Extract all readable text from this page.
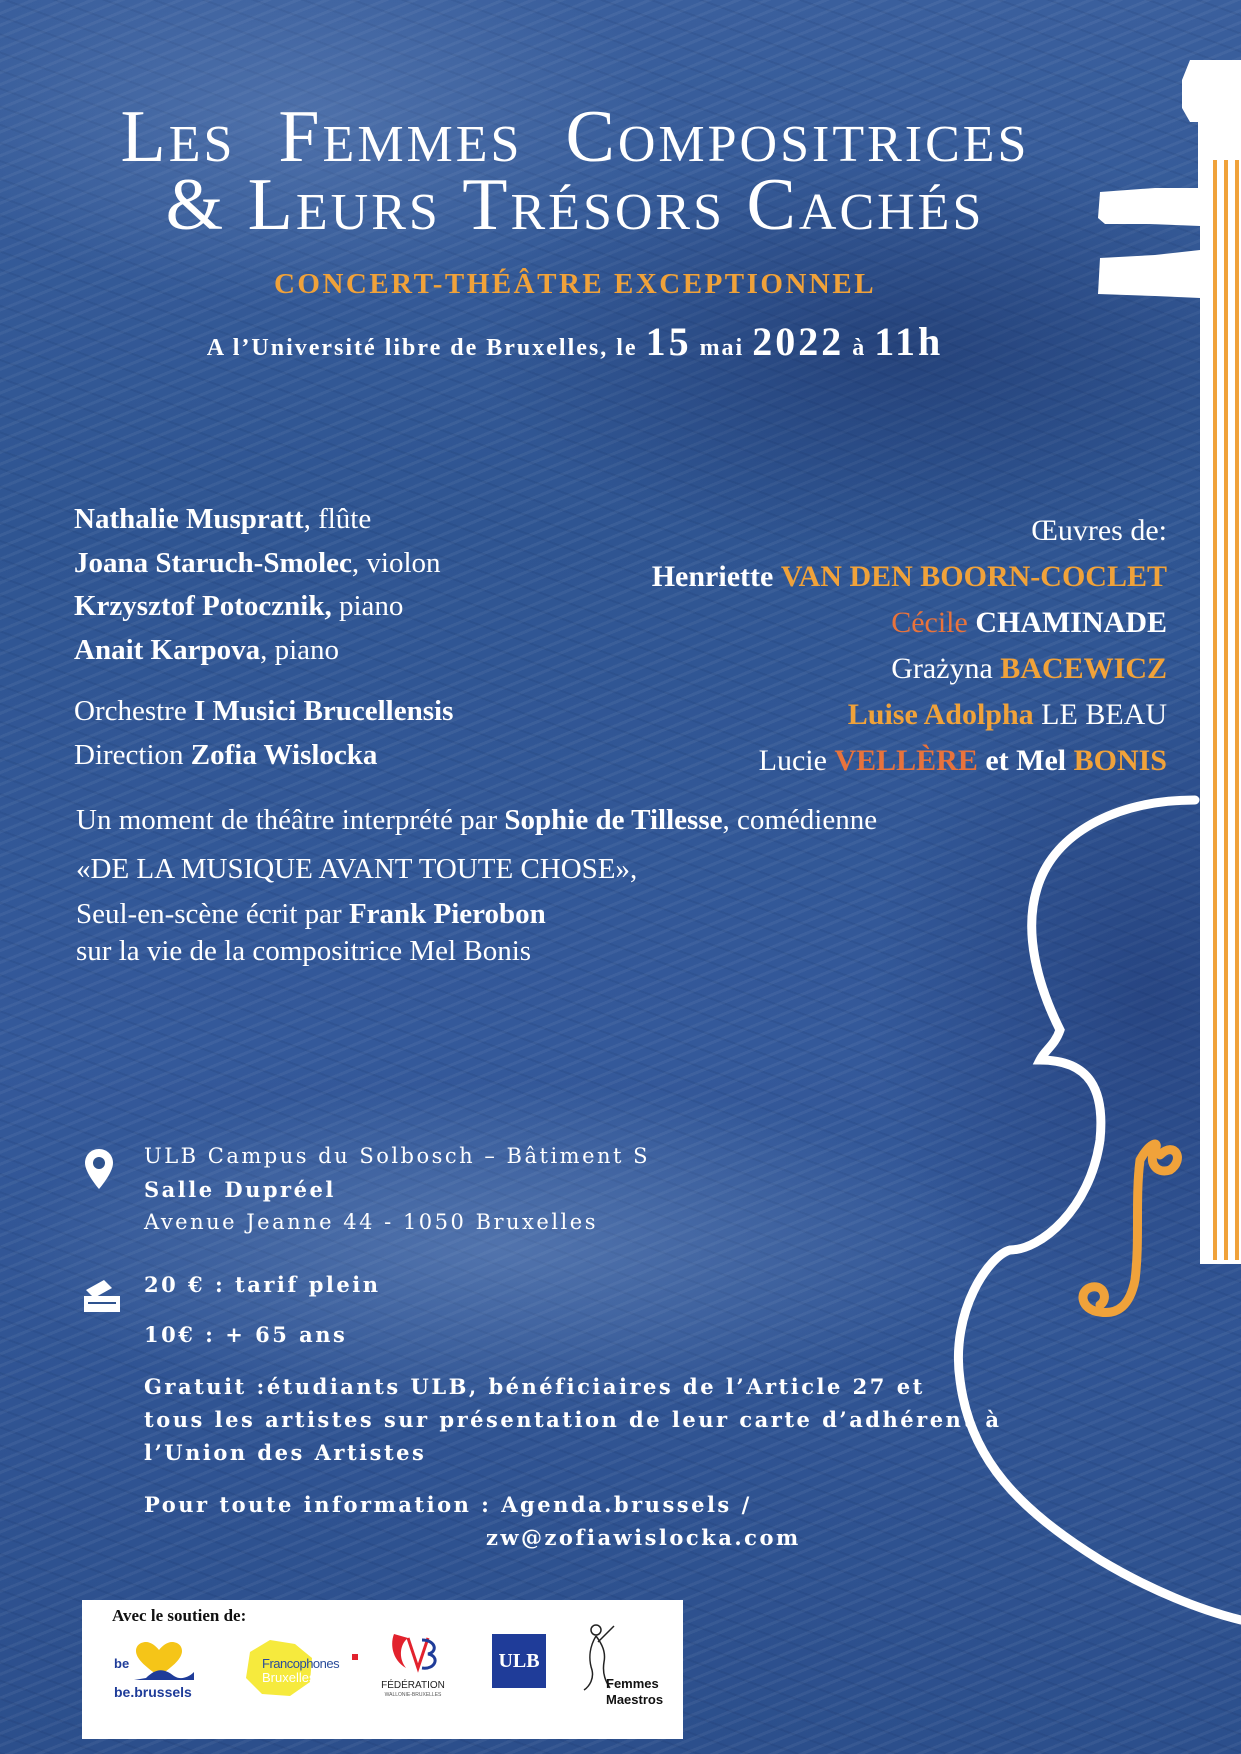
Les Femmes Compositrices
& Leurs Trésors Cachés
CONCERT-THÉÂTRE EXCEPTIONNEL
A l’Université libre de Bruxelles, le 15 mai 2022 à 11h
Nathalie Muspratt, flûte
Joana Staruch-Smolec, violon
Krzysztof Potocznik, piano
Anait Karpova, piano
Orchestre I Musici Brucellensis
Direction Zofia Wislocka
Œuvres de:
Henriette VAN DEN BOORN-COCLET
Cécile CHAMINADE
Grażyna BACEWICZ
Luise Adolpha LE BEAU
Lucie VELLÈRE et Mel BONIS
Un moment de théâtre interprété par Sophie de Tillesse, comédienne
«DE LA MUSIQUE AVANT TOUTE CHOSE»,
Seul-en-scène écrit par Frank Pierobon
sur la vie de la compositrice Mel Bonis
ULB Campus du Solbosch – Bâtiment S
Salle Dupréel
Avenue Jeanne 44 - 1050 Bruxelles
20 € : tarif plein
10€ : + 65 ans
Gratuit :étudiants ULB, bénéficiaires de l’Article 27 et
tous les artistes sur présentation de leur carte d’adhérent à
l’Union des Artistes
Pour toute information : Agenda.brussels /
zw@zofiawislocka.com
Avec le soutien de:
be
be.brussels
Francophones
Bruxelles
FÉDÉRATION
WALLONIE-BRUXELLES
ULB
Femmes
Maestros
